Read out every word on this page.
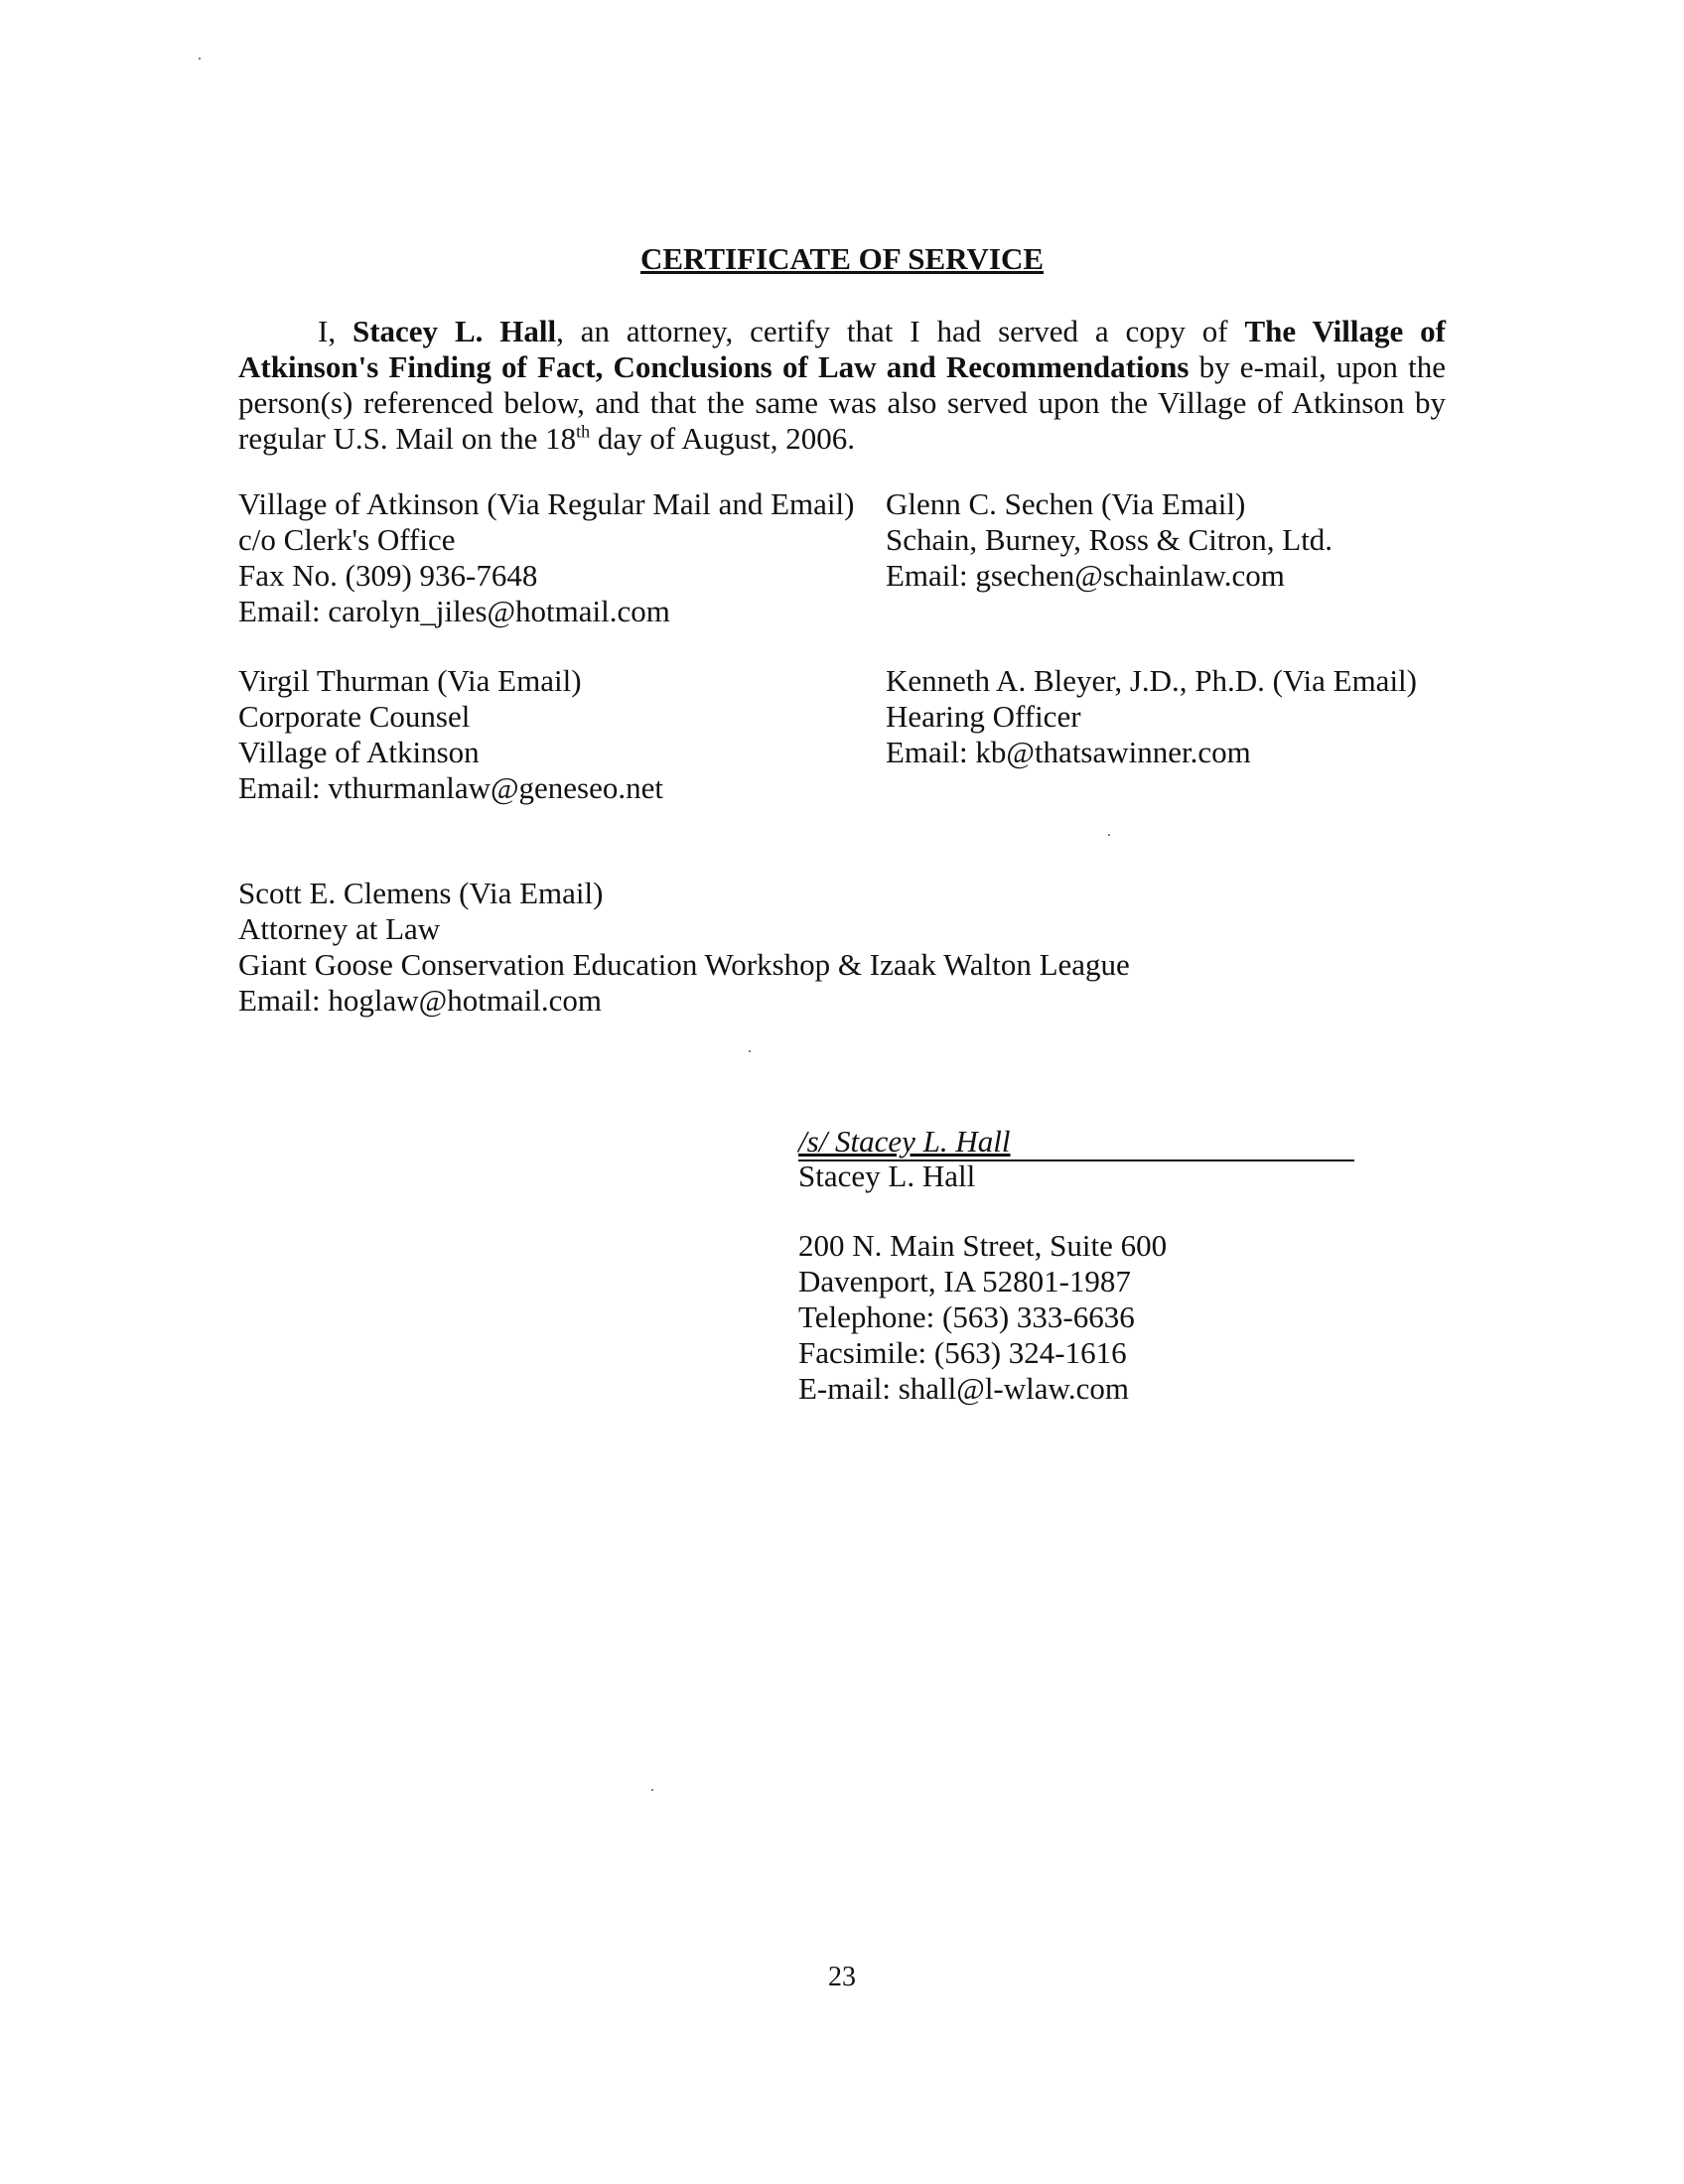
CERTIFICATE OF SERVICE
I, Stacey L. Hall, an attorney, certify that I had served a copy of The Village of Atkinson's Finding of Fact, Conclusions of Law and Recommendations by e-mail, upon the person(s) referenced below, and that the same was also served upon the Village of Atkinson by regular U.S. Mail on the 18th day of August, 2006.
Village of Atkinson (Via Regular Mail and Email)
c/o Clerk's Office
Fax No. (309) 936-7648
Email: carolyn_jiles@hotmail.com
Glenn C. Sechen (Via Email)
Schain, Burney, Ross & Citron, Ltd.
Email: gsechen@schainlaw.com
Virgil Thurman (Via Email)
Corporate Counsel
Village of Atkinson
Email: vthurmanlaw@geneseo.net
Kenneth A. Bleyer, J.D., Ph.D. (Via Email)
Hearing Officer
Email: kb@thatsawinner.com
Scott E. Clemens (Via Email)
Attorney at Law
Giant Goose Conservation Education Workshop & Izaak Walton League
Email: hoglaw@hotmail.com
/s/ Stacey L. Hall
Stacey L. Hall
200 N. Main Street, Suite 600
Davenport, IA 52801-1987
Telephone: (563) 333-6636
Facsimile: (563) 324-1616
E-mail: shall@l-wlaw.com
23
